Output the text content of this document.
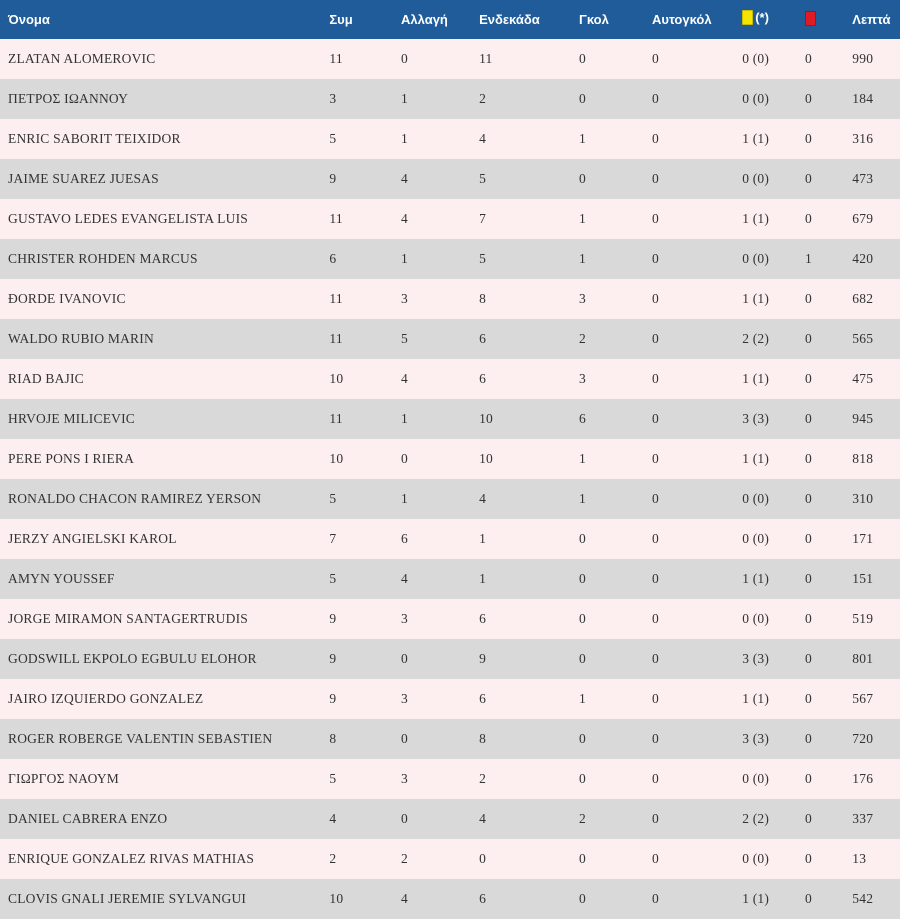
Όνομα	Συμ	Αλλαγή	Ενδεκάδα	Γκολ	Αυτογκόλ	(*)		Λεπτά
ZLATAN ALOMEROVIC	11	0	11	0	0	0 (0)	0	990
ΠΕΤΡΟΣ ΙΩΑΝΝΟΥ	3	1	2	0	0	0 (0)	0	184
ENRIC SABORIT TEIXIDOR	5	1	4	1	0	1 (1)	0	316
JAIME SUAREZ JUESAS	9	4	5	0	0	0 (0)	0	473
GUSTAVO LEDES EVANGELISTA LUIS	11	4	7	1	0	1 (1)	0	679
CHRISTER ROHDEN MARCUS	6	1	5	1	0	0 (0)	1	420
ĐORDE IVANOVIC	11	3	8	3	0	1 (1)	0	682
WALDO RUBIO MARIN	11	5	6	2	0	2 (2)	0	565
RIAD BAJIC	10	4	6	3	0	1 (1)	0	475
HRVOJE MILICEVIC	11	1	10	6	0	3 (3)	0	945
PERE PONS I RIERA	10	0	10	1	0	1 (1)	0	818
RONALDO CHACON RAMIREZ YERSON	5	1	4	1	0	0 (0)	0	310
JERZY ANGIELSKI KAROL	7	6	1	0	0	0 (0)	0	171
AMYN YOUSSEF	5	4	1	0	0	1 (1)	0	151
JORGE MIRAMON SANTAGERTRUDIS	9	3	6	0	0	0 (0)	0	519
GODSWILL EKPOLO EGBULU ELOHOR	9	0	9	0	0	3 (3)	0	801
JAIRO IZQUIERDO GONZALEZ	9	3	6	1	0	1 (1)	0	567
ROGER ROBERGE VALENTIN SEBASTIEN	8	0	8	0	0	3 (3)	0	720
ΓΙΩΡΓΟΣ ΝΑΟΥΜ	5	3	2	0	0	0 (0)	0	176
DANIEL CABRERA ENZO	4	0	4	2	0	2 (2)	0	337
ENRIQUE GONZALEZ RIVAS MATHIAS	2	2	0	0	0	0 (0)	0	13
CLOVIS GNALI JEREMIE SYLVANGUI	10	4	6	0	0	1 (1)	0	542
